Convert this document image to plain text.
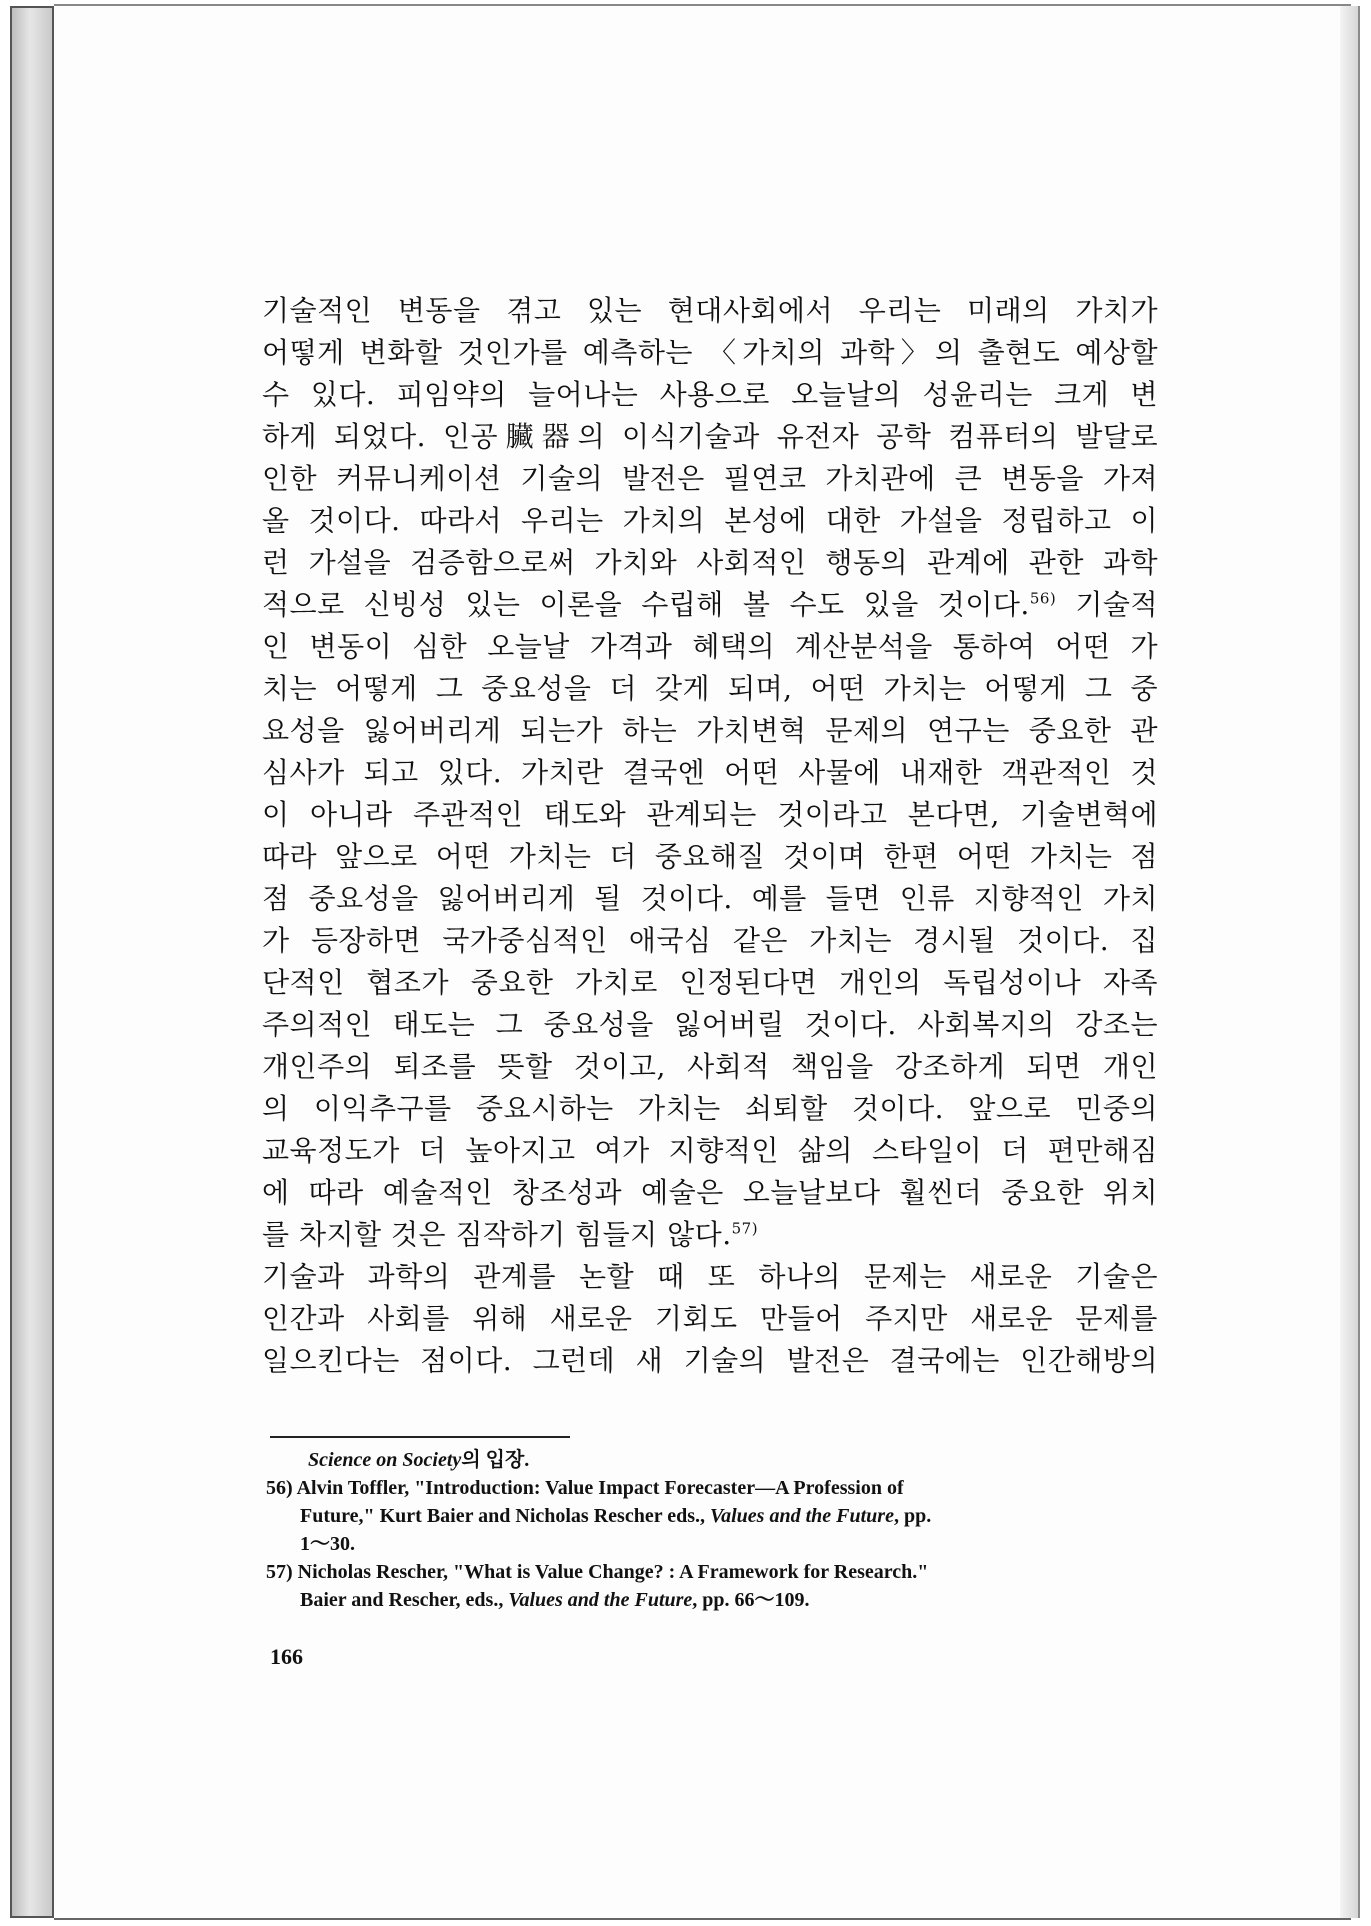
기술적인 변동을 겪고 있는 현대사회에서 우리는 미래의 가치가
어떻게 변화할 것인가를 예측하는 〈가치의 과학〉의 출현도 예상할
수 있다. 피임약의 늘어나는 사용으로 오늘날의 성윤리는 크게 변
하게 되었다. 인공臟器의 이식기술과 유전자 공학 컴퓨터의 발달로
인한 커뮤니케이션 기술의 발전은 필연코 가치관에 큰 변동을 가져
올 것이다. 따라서 우리는 가치의 본성에 대한 가설을 정립하고 이
런 가설을 검증함으로써 가치와 사회적인 행동의 관계에 관한 과학
적으로 신빙성 있는 이론을 수립해 볼 수도 있을 것이다.$^{56)}$ 기술적
인 변동이 심한 오늘날 가격과 혜택의 계산분석을 통하여 어떤 가
치는 어떻게 그 중요성을 더 갖게 되며, 어떤 가치는 어떻게 그 중
요성을 잃어버리게 되는가 하는 가치변혁 문제의 연구는 중요한 관
심사가 되고 있다. 가치란 결국엔 어떤 사물에 내재한 객관적인 것
이 아니라 주관적인 태도와 관계되는 것이라고 본다면, 기술변혁에
따라 앞으로 어떤 가치는 더 중요해질 것이며 한편 어떤 가치는 점
점 중요성을 잃어버리게 될 것이다. 예를 들면 인류 지향적인 가치
가 등장하면 국가중심적인 애국심 같은 가치는 경시될 것이다. 집
단적인 협조가 중요한 가치로 인정된다면 개인의 독립성이나 자족
주의적인 태도는 그 중요성을 잃어버릴 것이다. 사회복지의 강조는
개인주의 퇴조를 뜻할 것이고, 사회적 책임을 강조하게 되면 개인
의 이익추구를 중요시하는 가치는 쇠퇴할 것이다. 앞으로 민중의
교육정도가 더 높아지고 여가 지향적인 삶의 스타일이 더 편만해짐
에 따라 예술적인 창조성과 예술은 오늘날보다 훨씬더 중요한 위치
를 차지할 것은 짐작하기 힘들지 않다.$^{57)}$
기술과 과학의 관계를 논할 때 또 하나의 문제는 새로운 기술은
인간과 사회를 위해 새로운 기회도 만들어 주지만 새로운 문제를
일으킨다는 점이다. 그런데 새 기술의 발전은 결국에는 인간해방의
Science on Society의 입장.
56) Alvin Toffler, "Introduction: Value Impact Forecaster—A Profession of
Future," Kurt Baier and Nicholas Rescher eds., Values and the Future, pp.
1～30.
57) Nicholas Rescher, "What is Value Change? : A Framework for Research."
Baier and Rescher, eds., Values and the Future, pp. 66～109.
166
